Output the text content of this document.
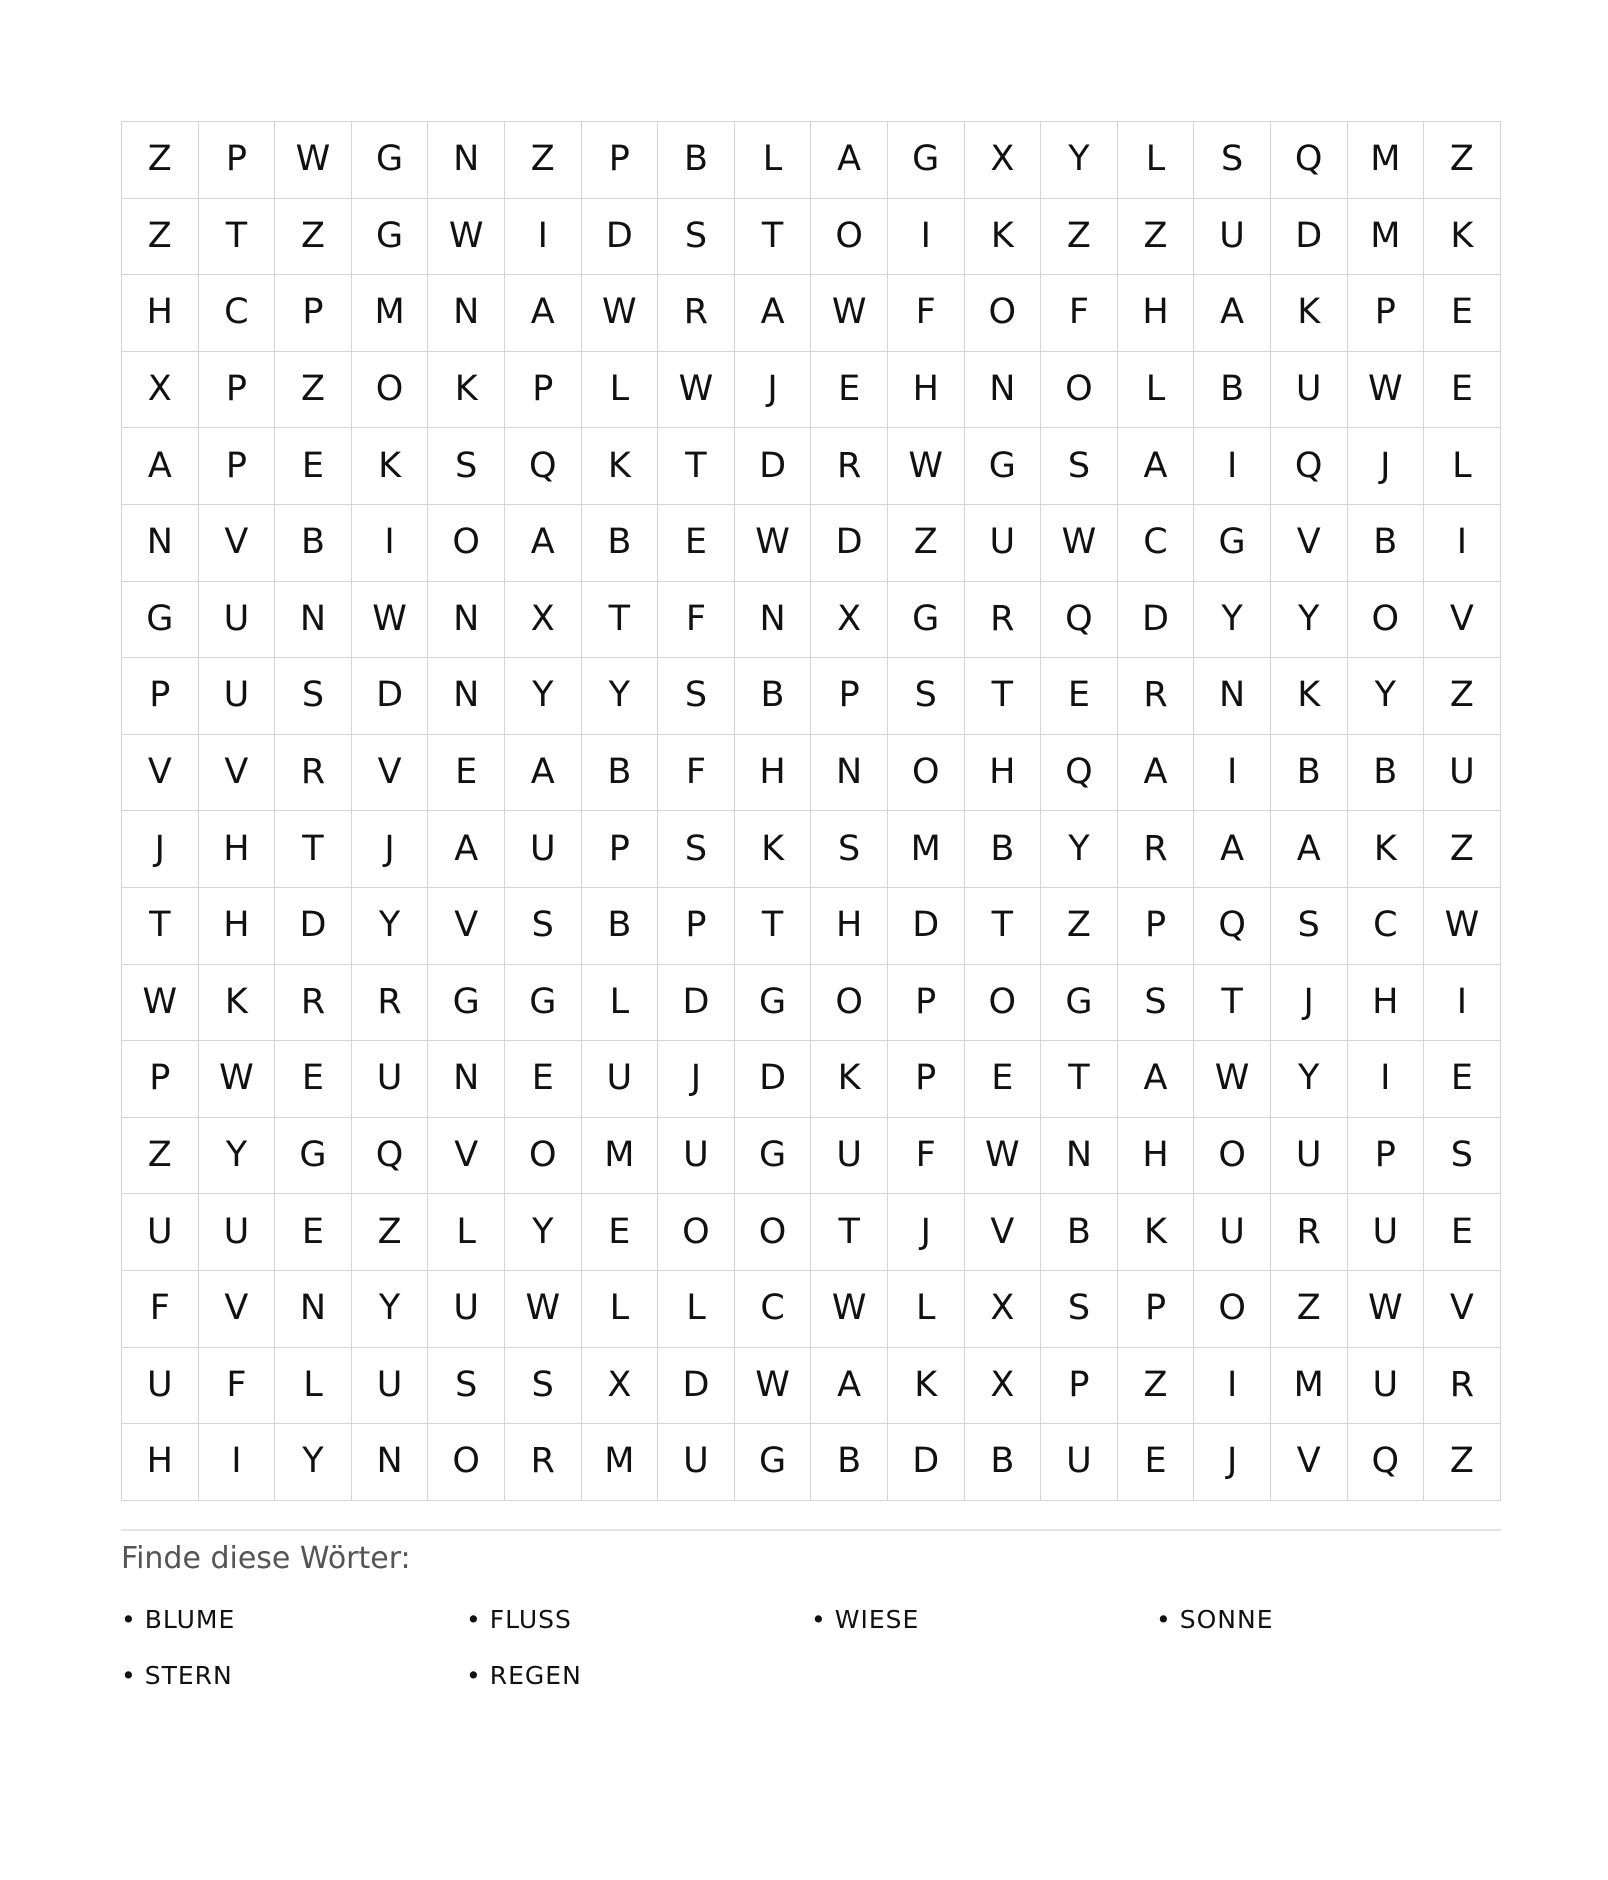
Z	P	W	G	N	Z	P	B	L	A	G	X	Y	L	S	Q	M	Z
Z	T	Z	G	W	I	D	S	T	O	I	K	Z	Z	U	D	M	K
H	C	P	M	N	A	W	R	A	W	F	O	F	H	A	K	P	E
X	P	Z	O	K	P	L	W	J	E	H	N	O	L	B	U	W	E
A	P	E	K	S	Q	K	T	D	R	W	G	S	A	I	Q	J	L
N	V	B	I	O	A	B	E	W	D	Z	U	W	C	G	V	B	I
G	U	N	W	N	X	T	F	N	X	G	R	Q	D	Y	Y	O	V
P	U	S	D	N	Y	Y	S	B	P	S	T	E	R	N	K	Y	Z
V	V	R	V	E	A	B	F	H	N	O	H	Q	A	I	B	B	U
J	H	T	J	A	U	P	S	K	S	M	B	Y	R	A	A	K	Z
T	H	D	Y	V	S	B	P	T	H	D	T	Z	P	Q	S	C	W
W	K	R	R	G	G	L	D	G	O	P	O	G	S	T	J	H	I
P	W	E	U	N	E	U	J	D	K	P	E	T	A	W	Y	I	E
Z	Y	G	Q	V	O	M	U	G	U	F	W	N	H	O	U	P	S
U	U	E	Z	L	Y	E	O	O	T	J	V	B	K	U	R	U	E
F	V	N	Y	U	W	L	L	C	W	L	X	S	P	O	Z	W	V
U	F	L	U	S	S	X	D	W	A	K	X	P	Z	I	M	U	R
H	I	Y	N	O	R	M	U	G	B	D	B	U	E	J	V	Q	Z
Finde diese Wörter:
• BLUME	• FLUSS	• WIESE	• SONNE
• STERN	• REGEN
